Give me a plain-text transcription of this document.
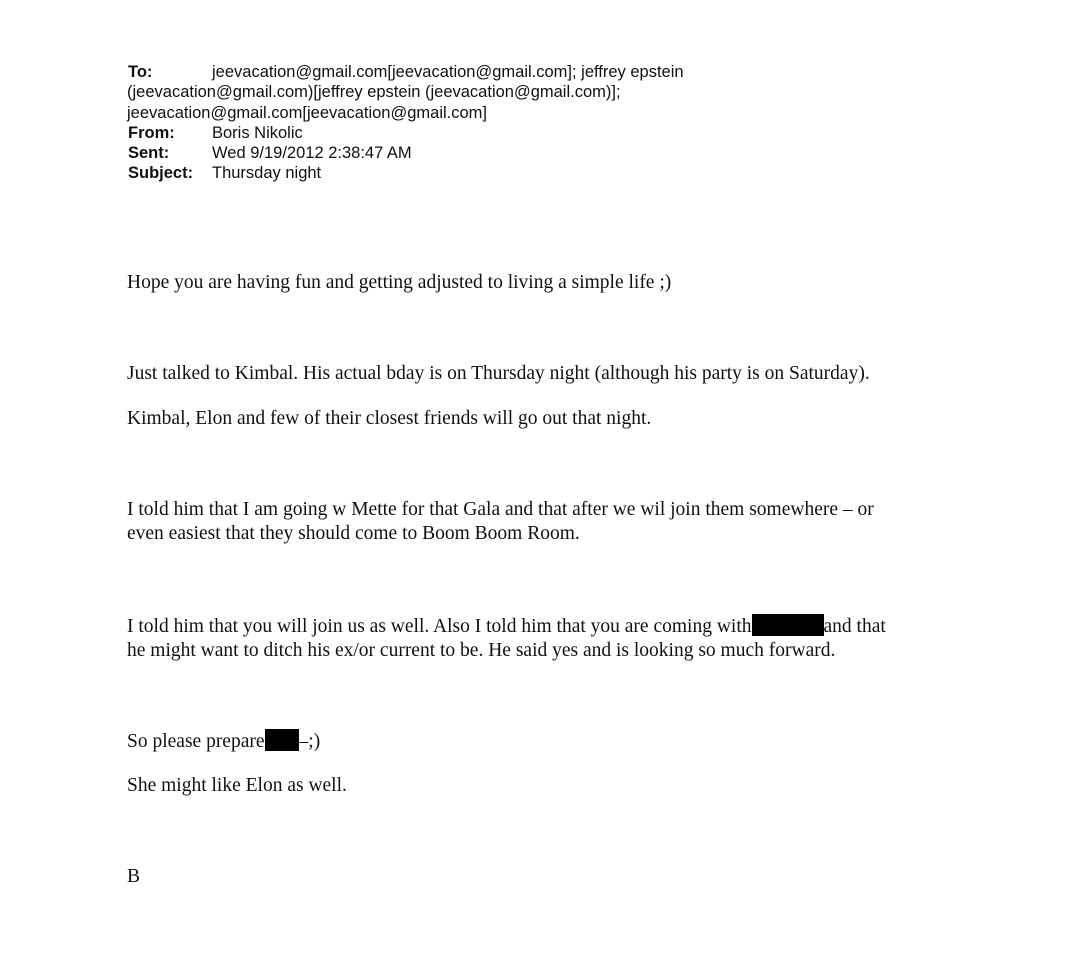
To:	jeevacation@gmail.com[jeevacation@gmail.com]; jeffrey epstein
(jeevacation@gmail.com)[jeffrey epstein (jeevacation@gmail.com)];
jeevacation@gmail.com[jeevacation@gmail.com]
From:	Boris Nikolic
Sent:	Wed 9/19/2012 2:38:47 AM
Subject:	Thursday night
Hope you are having fun and getting adjusted to living a simple life ;)
Just talked to Kimbal. His actual bday is on Thursday night (although his party is on Saturday).
Kimbal, Elon and few of their closest friends will go out that night.
I told him that I am going w Mette for that Gala and that after we wil join them somewhere – or
even easiest that they should come to Boom Boom Room.
I told him that you will join us as well. Also I told him that you are coming with	and that
he might want to ditch his ex/or current to be. He said yes and is looking so much forward.
So please prepare –;)
She might like Elon as well.
B
